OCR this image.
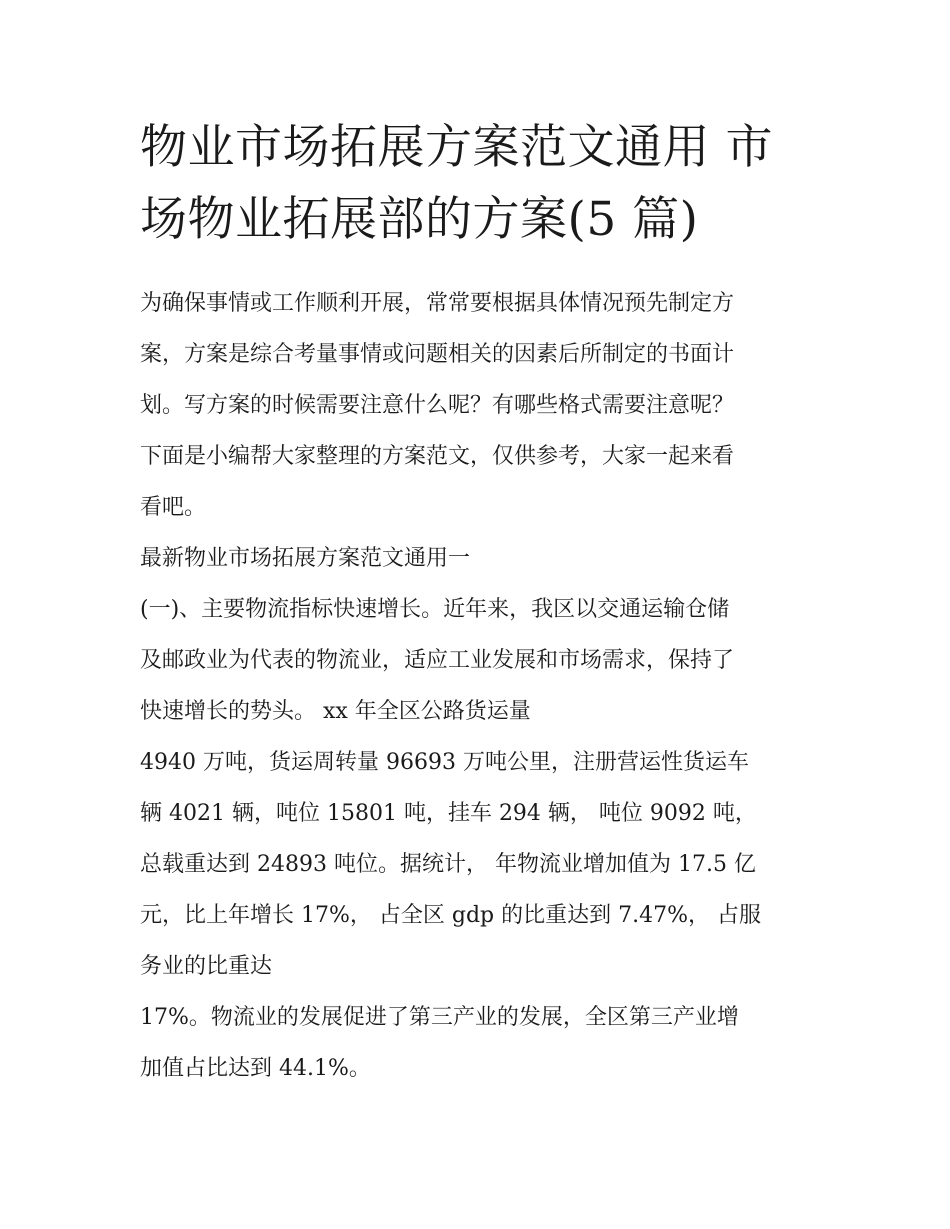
物业市场拓展方案范文通用 市
场物业拓展部的方案(5 篇)
为确保事情或工作顺利开展，常常要根据具体情况预先制定方
案，方案是综合考量事情或问题相关的因素后所制定的书面计
划。写方案的时候需要注意什么呢？有哪些格式需要注意呢？
下面是小编帮大家整理的方案范文，仅供参考，大家一起来看
看吧。
最新物业市场拓展方案范文通用一
(一)、主要物流指标快速增长。近年来，我区以交通运输仓储
及邮政业为代表的物流业，适应工业发展和市场需求，保持了
快速增长的势头。 xx 年全区公路货运量
4940 万吨，货运周转量 96693 万吨公里，注册营运性货运车
辆 4021 辆，吨位 15801 吨，挂车 294 辆， 吨位 9092 吨，
总载重达到 24893 吨位。据统计， 年物流业增加值为 17.5 亿
元，比上年增长 17%， 占全区 gdp 的比重达到 7.47%， 占服
务业的比重达
17%。物流业的发展促进了第三产业的发展，全区第三产业增
加值占比达到 44.1%。
